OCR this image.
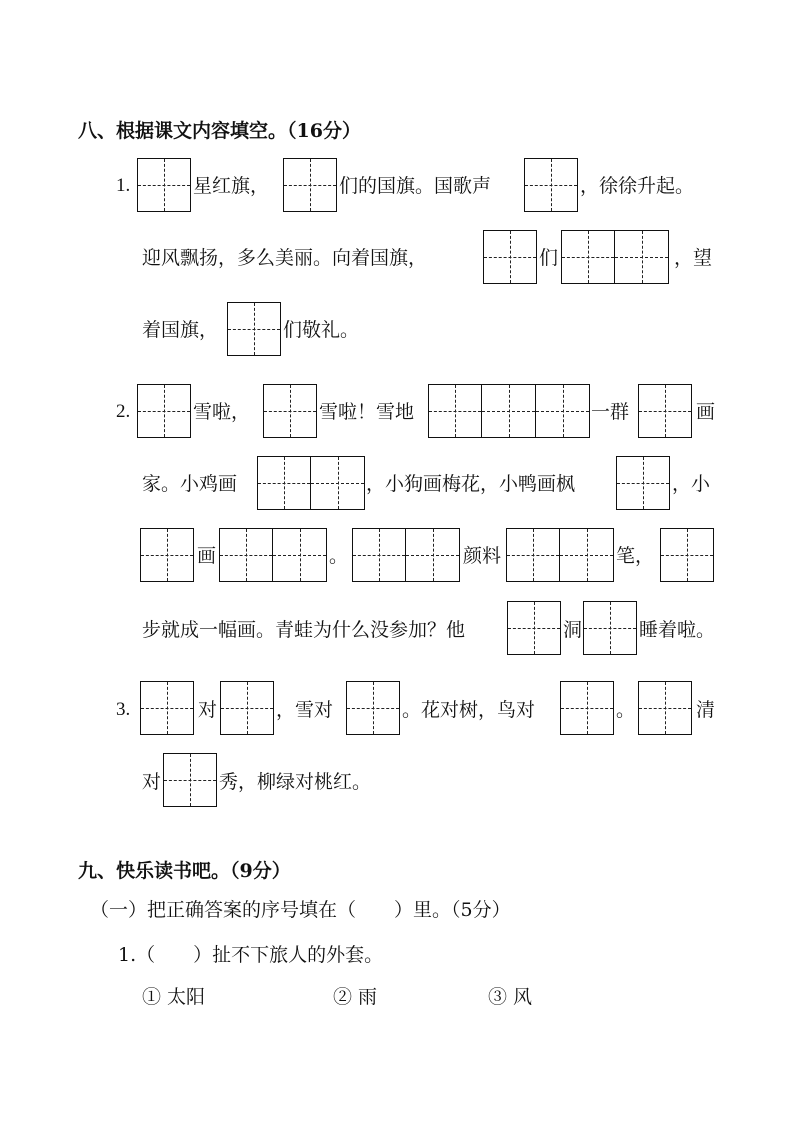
八、根据课文内容填空。（16分）
1.	星红旗，	们的国旗。国歌声	，徐徐升起。
迎风飘扬，多么美丽。向着国旗，	们	，望
着国旗，	们敬礼。
2.	雪啦，	雪啦！雪地	一群	画
家。小鸡画	，小狗画梅花，小鸭画枫	，小
画	。	颜料	笔，
步就成一幅画。青蛙为什么没参加？他	洞	睡着啦。
3.	对	，雪对	。花对树，鸟对	。	清
对	秀，柳绿对桃红。
九、快乐读书吧。（9分）
（一）把正确答案的序号填在（　　）里。（5分）
1.（　　）扯不下旅人的外套。
① 太阳	② 雨	③ 风
